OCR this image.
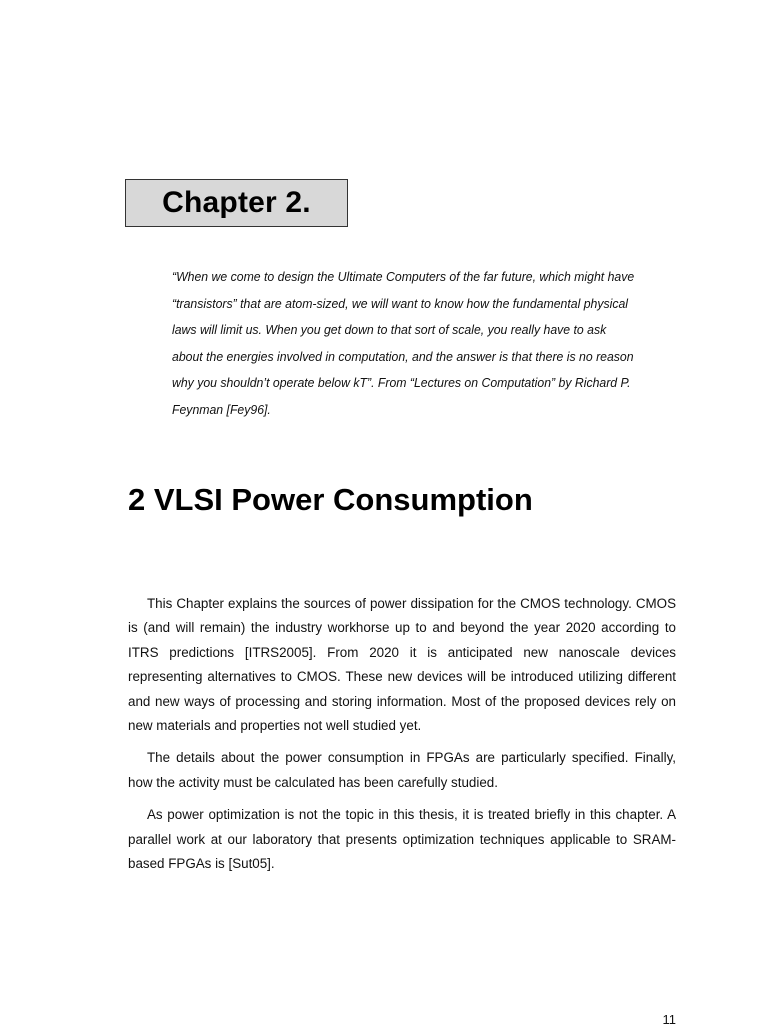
Chapter 2.

“When we come to design the Ultimate Computers of the far future, which might have “transistors” that are atom-sized, we will want to know how the fundamental physical laws will limit us. When you get down to that sort of scale, you really have to ask about the energies involved in computation, and the answer is that there is no reason why you shouldn’t operate below kT”. From “Lectures on Computation” by Richard P. Feynman [Fey96].

2 VLSI Power Consumption

This Chapter explains the sources of power dissipation for the CMOS technology. CMOS is (and will remain) the industry workhorse up to and beyond the year 2020 according to ITRS predictions [ITRS2005]. From 2020 it is anticipated new nanoscale devices representing alternatives to CMOS. These new devices will be introduced utilizing different and new ways of processing and storing information. Most of the proposed devices rely on new materials and properties not well studied yet.

The details about the power consumption in FPGAs are particularly specified. Finally, how the activity must be calculated has been carefully studied.

As power optimization is not the topic in this thesis, it is treated briefly in this chapter. A parallel work at our laboratory that presents optimization techniques applicable to SRAM-based FPGAs is [Sut05].

11
